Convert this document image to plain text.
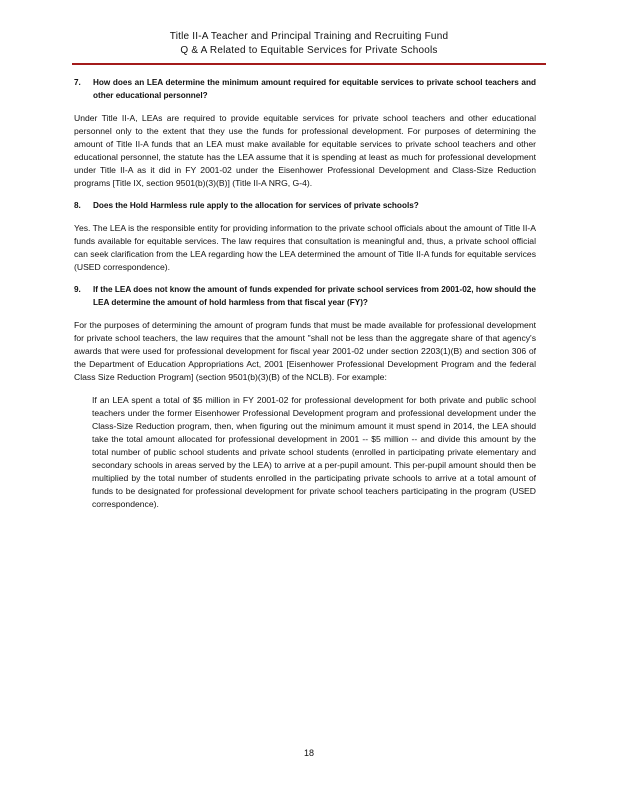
Title II-A Teacher and Principal Training and Recruiting Fund
Q & A Related to Equitable Services for Private Schools
7.	How does an LEA determine the minimum amount required for equitable services to private school teachers and other educational personnel?

Under Title II-A, LEAs are required to provide equitable services for private school teachers and other educational personnel only to the extent that they use the funds for professional development. For purposes of determining the amount of Title II-A funds that an LEA must make available for equitable services to private school teachers and other educational personnel, the statute has the LEA assume that it is spending at least as much for professional development under Title II-A as it did in FY 2001-02 under the Eisenhower Professional Development and Class-Size Reduction programs [Title IX, section 9501(b)(3)(B)] (Title II-A NRG, G-4).

8.	Does the Hold Harmless rule apply to the allocation for services of private schools?

Yes. The LEA is the responsible entity for providing information to the private school officials about the amount of Title II-A funds available for equitable services. The law requires that consultation is meaningful and, thus, a private school official can seek clarification from the LEA regarding how the LEA determined the amount of Title II-A funds for equitable services (USED correspondence).

9.	If the LEA does not know the amount of funds expended for private school services from 2001-02, how should the LEA determine the amount of hold harmless from that fiscal year (FY)?

For the purposes of determining the amount of program funds that must be made available for professional development for private school teachers, the law requires that the amount "shall not be less than the aggregate share of that agency's awards that were used for professional development for fiscal year 2001-02 under section 2203(1)(B) and section 306 of the Department of Education Appropriations Act, 2001 [Eisenhower Professional Development Program and the federal Class Size Reduction Program] (section 9501(b)(3)(B) of the NCLB). For example:

If an LEA spent a total of $5 million in FY 2001-02 for professional development for both private and public school teachers under the former Eisenhower Professional Development program and professional development under the Class-Size Reduction program, then, when figuring out the minimum amount it must spend in 2014, the LEA should take the total amount allocated for professional development in 2001 -- $5 million -- and divide this amount by the total number of public school students and private school students (enrolled in participating private elementary and secondary schools in areas served by the LEA) to arrive at a per-pupil amount. This per-pupil amount should then be multiplied by the total number of students enrolled in the participating private schools to arrive at a total amount of funds to be designated for professional development for private school teachers participating in the program (USED correspondence).

18
